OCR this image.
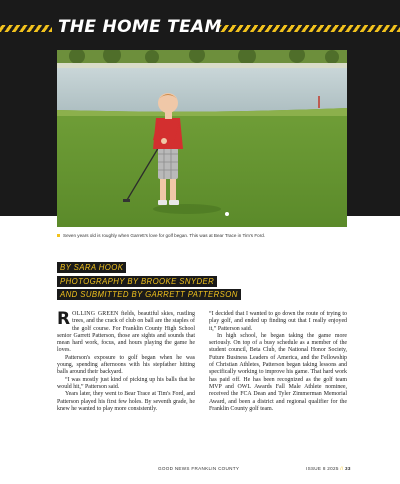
THE HOME TEAM
Seven years old is roughly when Garrett's love for golf began. This was at Bear Trace in Tim's Ford.
BY SARA HOOK
PHOTOGRAPHY BY BROOKE SNYDER
AND SUBMITTED BY GARRETT PATTERSON

ROLLING GREEN fields, beautiful skies, rustling trees, and the crack of club on ball are the staples of the golf course. For Franklin County High School senior Garrett Patterson, those are sights and sounds that mean hard work, focus, and hours playing the game he loves.

Patterson's exposure to golf began when he was young, spending afternoons with his stepfather hitting balls around their backyard.

“I was mostly just kind of picking up his balls that he would hit,” Patterson said.

Years later, they went to Bear Trace at Tim's Ford, and Patterson played his first few holes. By seventh grade, he knew he wanted to play more consistently.

“I decided that I wanted to go down the route of trying to play golf, and ended up finding out that I really enjoyed it,” Patterson said.

In high school, he began taking the game more seriously. On top of a busy schedule as a member of the student council, Beta Club, the National Honor Society, Future Business Leaders of America, and the Fellowship of Christian Athletes, Patterson began taking lessons and specifically working to improve his game. That hard work has paid off. He has been recognized as the golf team MVP and OWL Awards Fall Male Athlete nominee, received the FCA Dean and Tyler Zimmerman Memorial Award, and been a district and regional qualifier for the Franklin County golf team.

GOOD NEWS FRANKLIN COUNTY	ISSUE 8 2025 // 33
